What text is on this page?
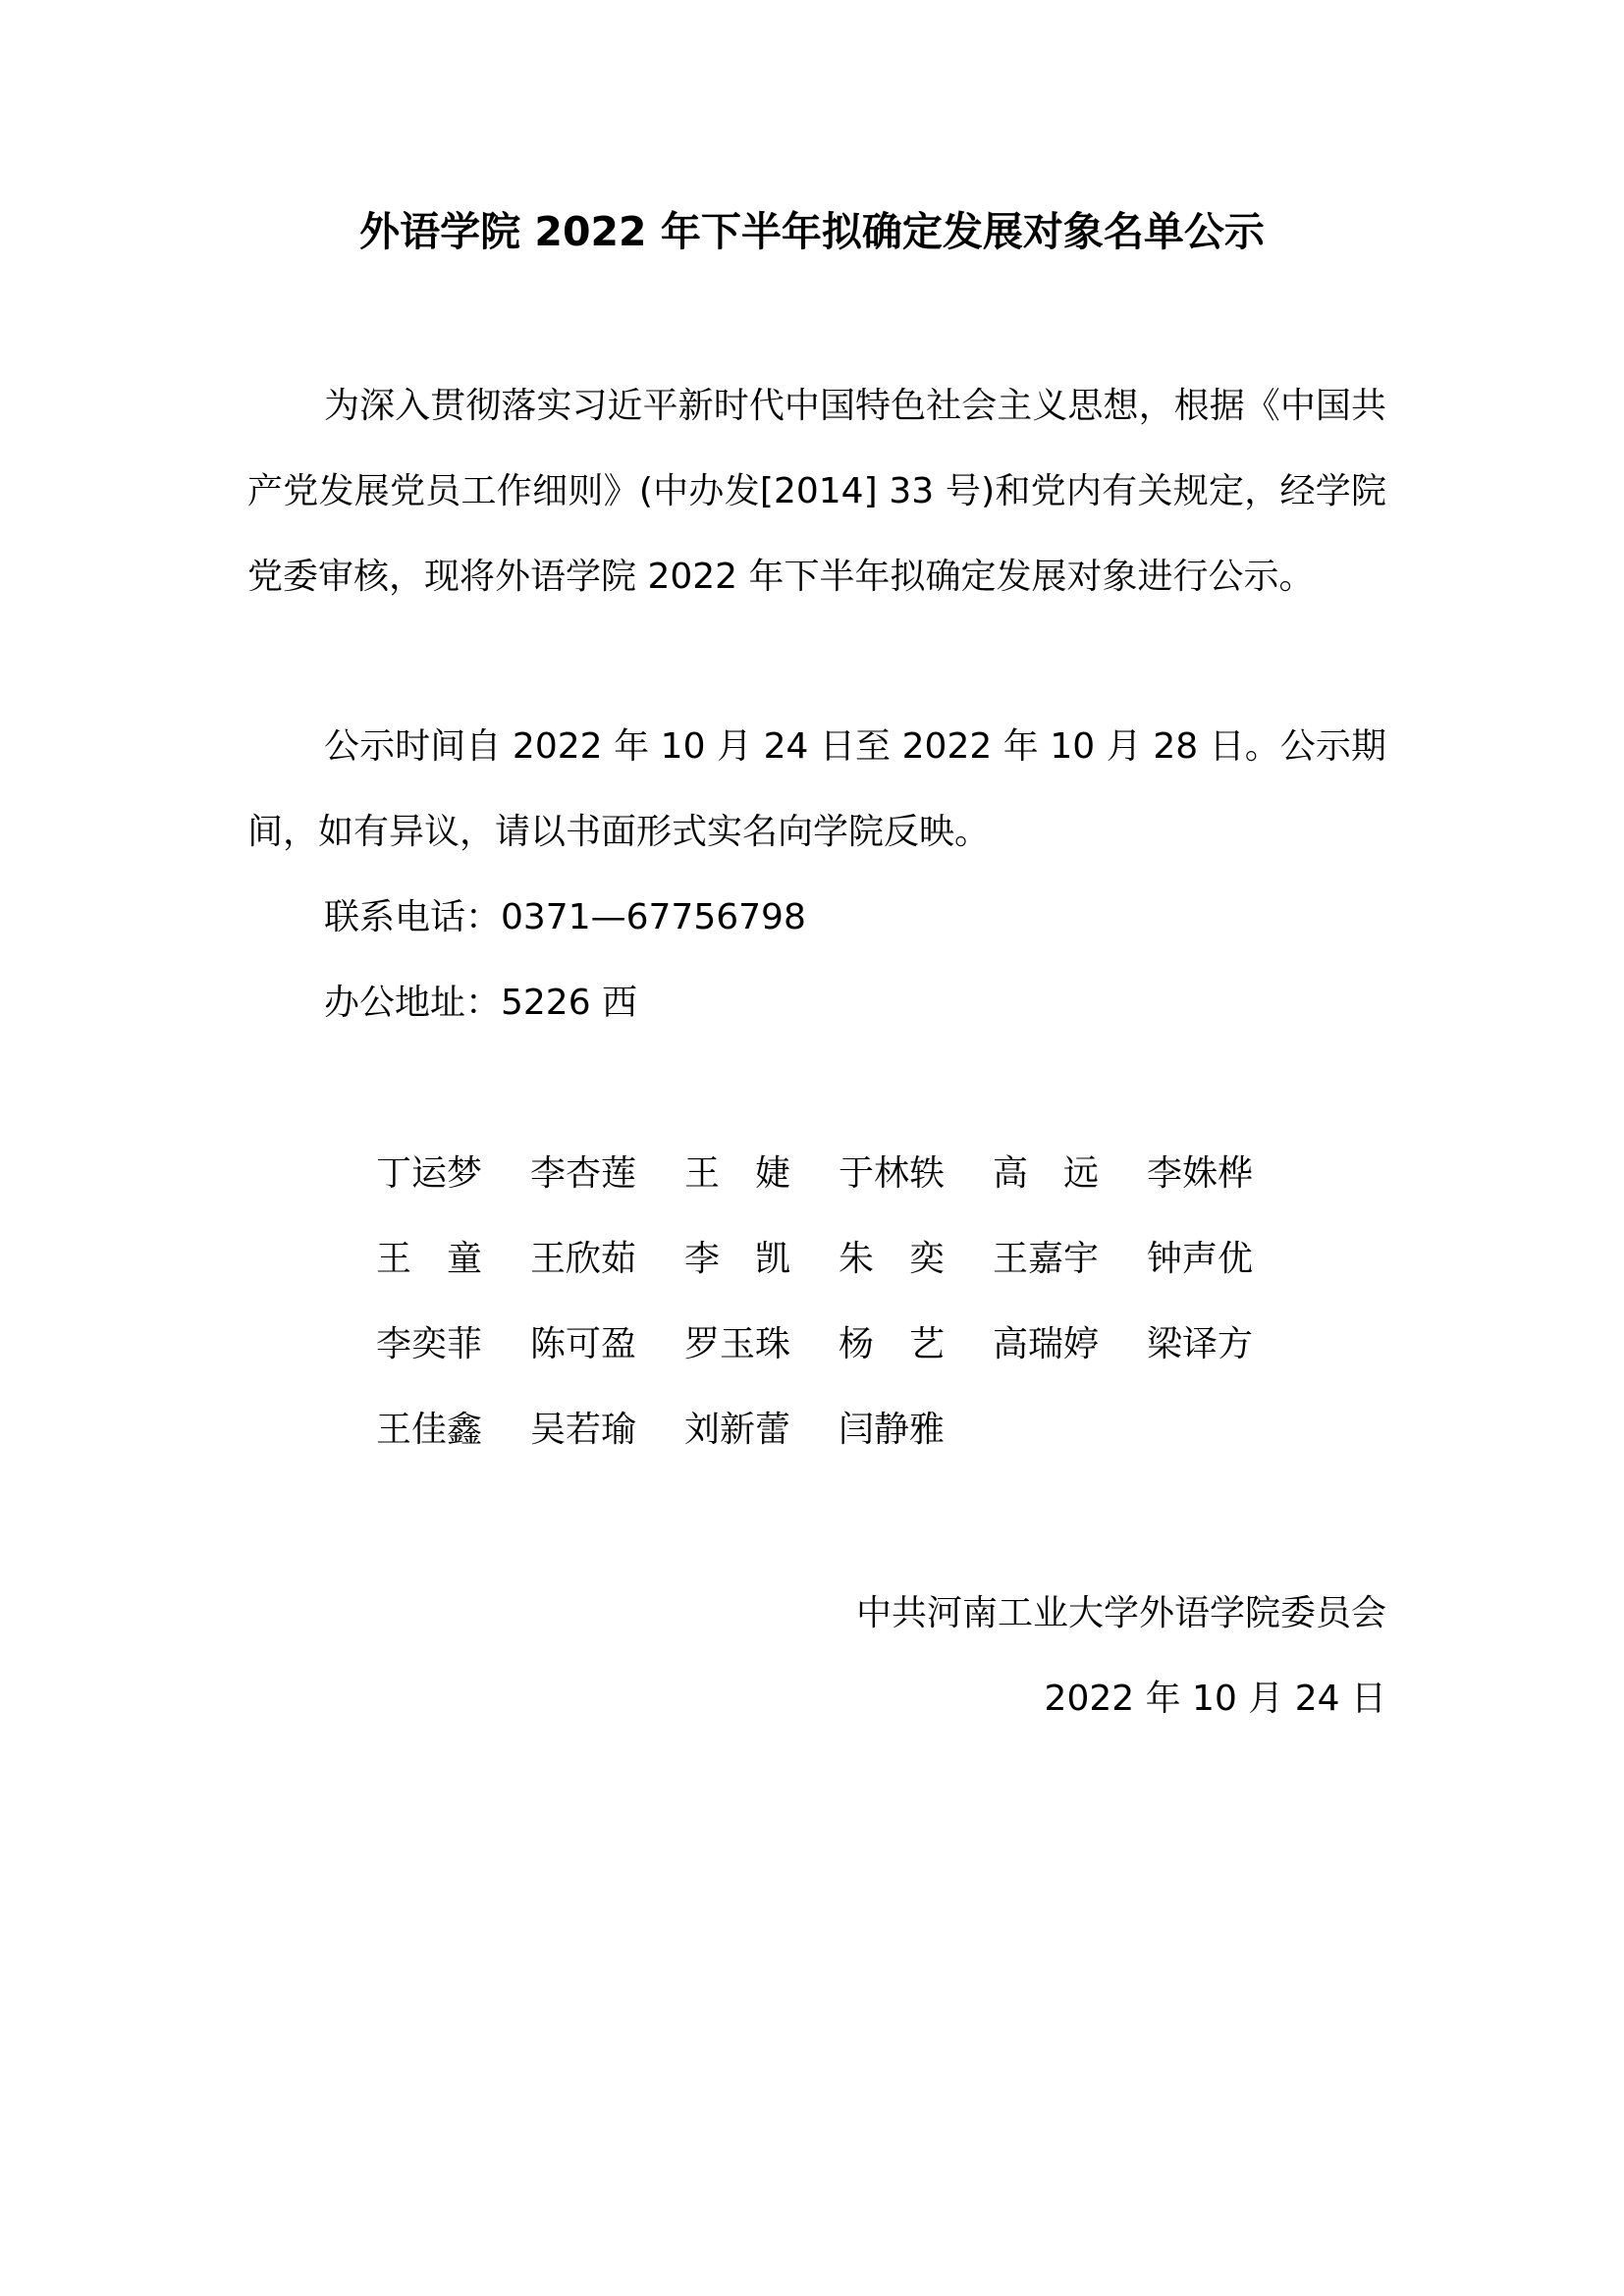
外语学院 2022 年下半年拟确定发展对象名单公示
为深入贯彻落实习近平新时代中国特色社会主义思想，根据《中国共产党发展党员工作细则》(中办发[2014] 33 号)和党内有关规定，经学院党委审核，现将外语学院 2022 年下半年拟确定发展对象进行公示。
公示时间自 2022 年 10 月 24 日至 2022 年 10 月 28 日。公示期间，如有异议，请以书面形式实名向学院反映。
联系电话：0371—67756798
办公地址：5226 西
丁运梦	李杏莲	王　婕	于林轶	高　远	李姝桦
王　童	王欣茹	李　凯	朱　奕	王嘉宇	钟声优
李奕菲	陈可盈	罗玉珠	杨　艺	高瑞婷	梁译方
王佳鑫	吴若瑜	刘新蕾	闫静雅
中共河南工业大学外语学院委员会
2022 年 10 月 24 日
